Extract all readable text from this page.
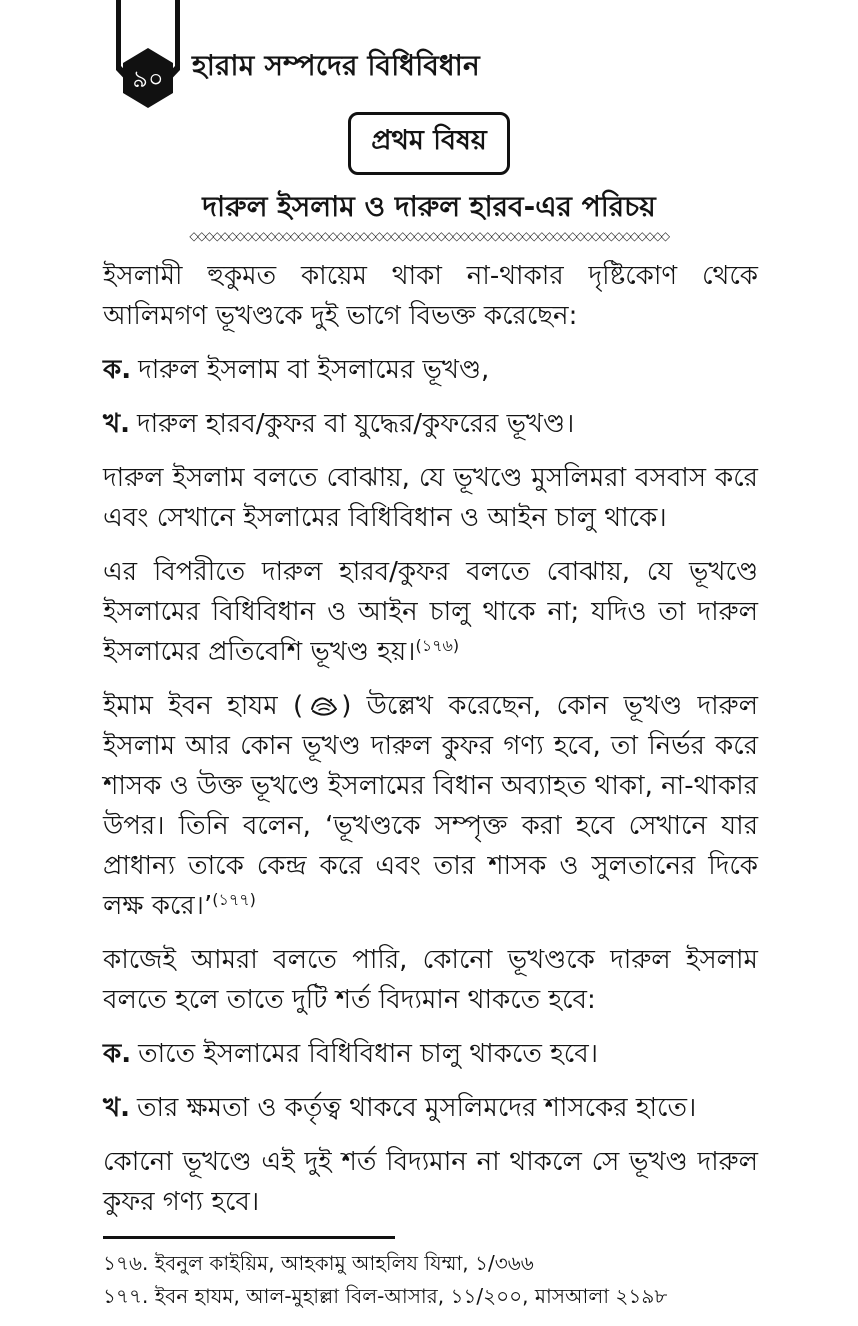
৯০ হারাম সম্পদের বিধিবিধান
প্রথম বিষয়
দারুল ইসলাম ও দারুল হারব-এর পরিচয়
◇◇◇◇◇◇◇◇◇◇◇◇◇◇◇◇◇◇◇◇◇◇◇◇◇◇◇◇◇◇◇◇◇◇◇◇◇◇◇◇◇◇◇◇◇◇◇◇◇◇◇◇◇◇◇◇◇◇◇◇◇◇

ইসলামী হুকুমত কায়েম থাকা না-থাকার দৃষ্টিকোণ থেকে আলিমগণ ভূখণ্ডকে দুই ভাগে বিভক্ত করেছেন:

ক. দারুল ইসলাম বা ইসলামের ভূখণ্ড,

খ. দারুল হারব/কুফর বা যুদ্ধের/কুফরের ভূখণ্ড।

দারুল ইসলাম বলতে বোঝায়, যে ভূখণ্ডে মুসলিমরা বসবাস করে এবং সেখানে ইসলামের বিধিবিধান ও আইন চালু থাকে।

এর বিপরীতে দারুল হারব/কুফর বলতে বোঝায়, যে ভূখণ্ডে ইসলামের বিধিবিধান ও আইন চালু থাকে না; যদিও তা দারুল ইসলামের প্রতিবেশি ভূখণ্ড হয়।$^{(১৭৬)}$

ইমাম ইবন হাযম ( ) উল্লেখ করেছেন, কোন ভূখণ্ড দারুল ইসলাম আর কোন ভূখণ্ড দারুল কুফর গণ্য হবে, তা নির্ভর করে শাসক ও উক্ত ভূখণ্ডে ইসলামের বিধান অব্যাহত থাকা, না-থাকার উপর। তিনি বলেন, ‘ভূখণ্ডকে সম্পৃক্ত করা হবে সেখানে যার প্রাধান্য তাকে কেন্দ্র করে এবং তার শাসক ও সুলতানের দিকে লক্ষ করে।’$^{(১৭৭)}$

কাজেই আমরা বলতে পারি, কোনো ভূখণ্ডকে দারুল ইসলাম বলতে হলে তাতে দুটি শর্ত বিদ্যমান থাকতে হবে:

ক. তাতে ইসলামের বিধিবিধান চালু থাকতে হবে।

খ. তার ক্ষমতা ও কর্তৃত্ব থাকবে মুসলিমদের শাসকের হাতে।

কোনো ভূখণ্ডে এই দুই শর্ত বিদ্যমান না থাকলে সে ভূখণ্ড দারুল কুফর গণ্য হবে।

১৭৬. ইবনুল কাইয়িম, আহকামু আহলিয যিম্মা, ১/৩৬৬

১৭৭. ইবন হাযম, আল-মুহাল্লা বিল-আসার, ১১/২০০, মাসআলা ২১৯৮
